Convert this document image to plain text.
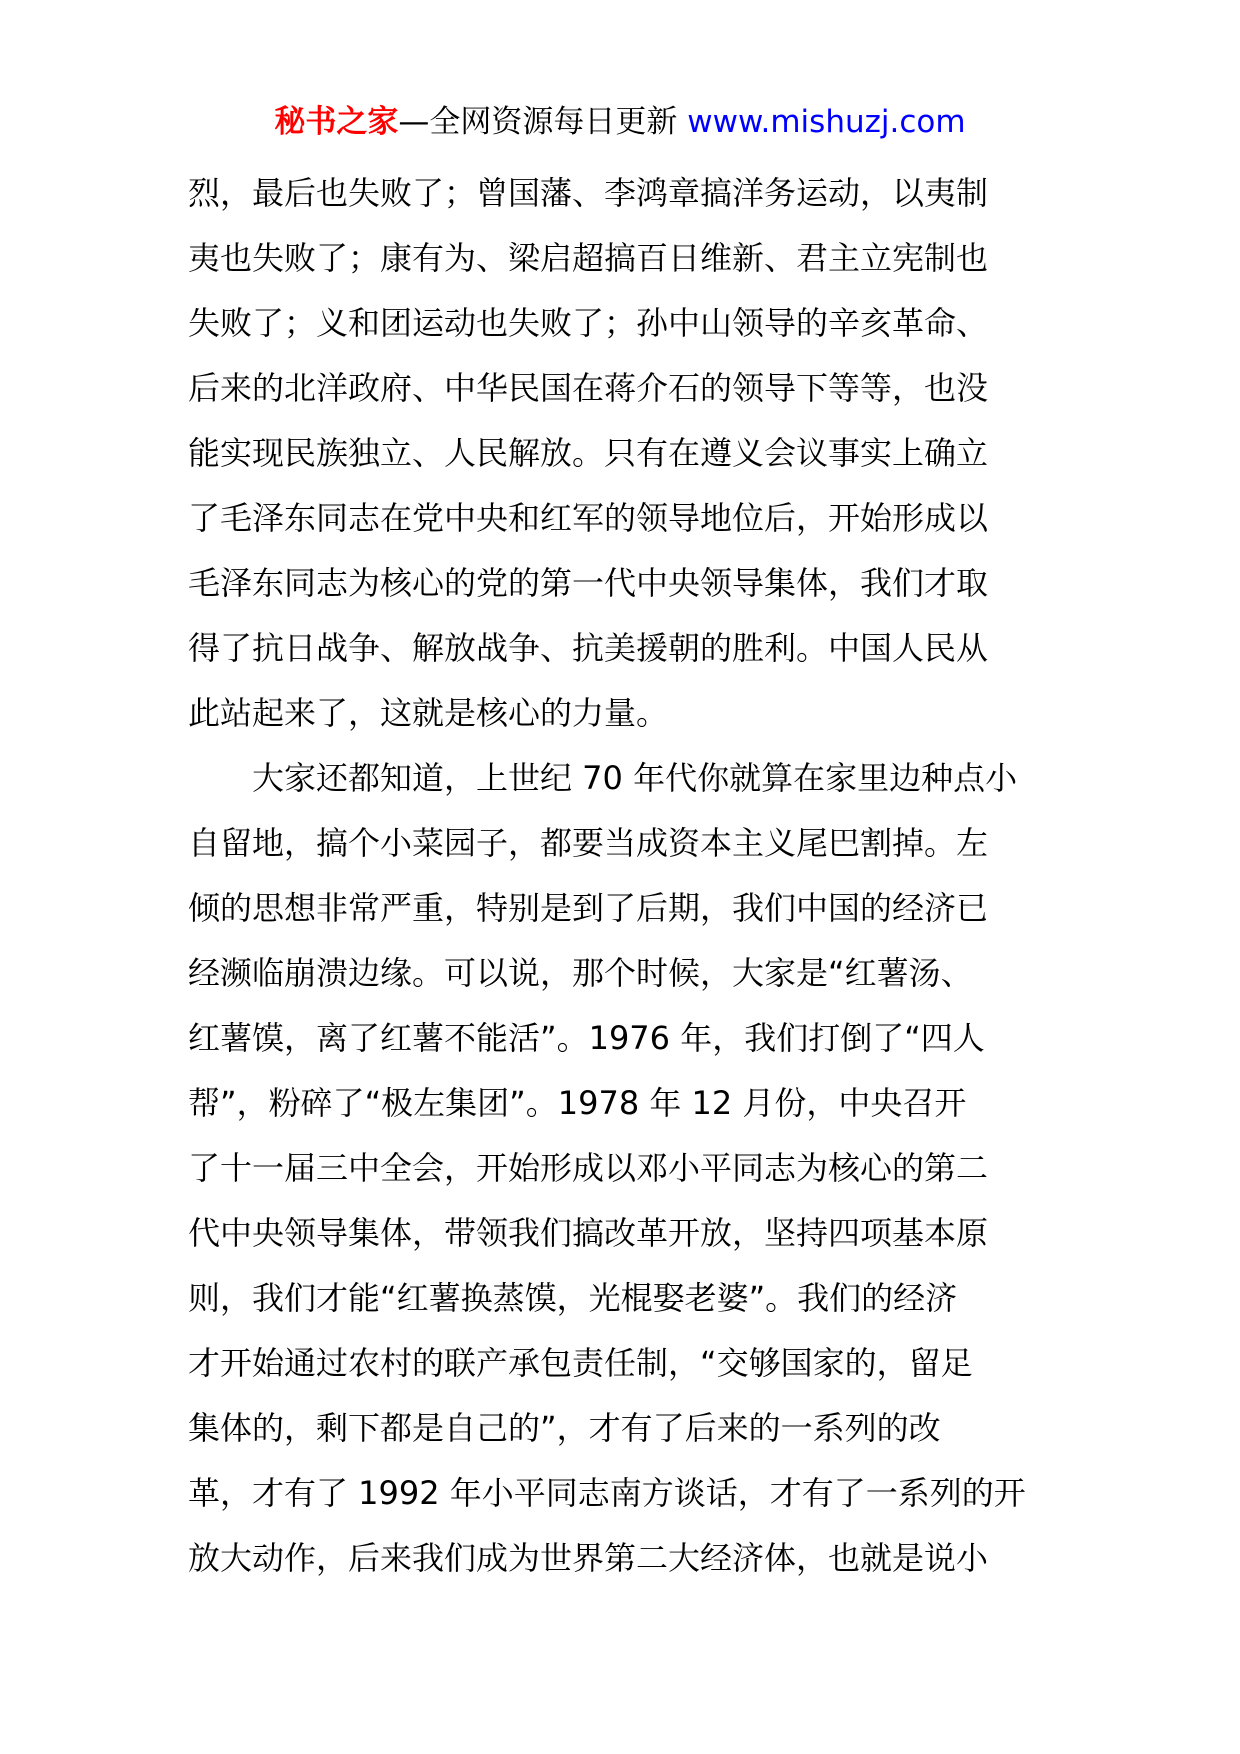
秘书之家—全网资源每日更新 www.mishuzj.com
烈，最后也失败了；曾国藩、李鸿章搞洋务运动，以夷制
夷也失败了；康有为、梁启超搞百日维新、君主立宪制也
失败了；义和团运动也失败了；孙中山领导的辛亥革命、
后来的北洋政府、中华民国在蒋介石的领导下等等，也没
能实现民族独立、人民解放。只有在遵义会议事实上确立
了毛泽东同志在党中央和红军的领导地位后，开始形成以
毛泽东同志为核心的党的第一代中央领导集体，我们才取
得了抗日战争、解放战争、抗美援朝的胜利。中国人民从
此站起来了，这就是核心的力量。
大家还都知道，上世纪 70 年代你就算在家里边种点小
自留地，搞个小菜园子，都要当成资本主义尾巴割掉。左
倾的思想非常严重，特别是到了后期，我们中国的经济已
经濒临崩溃边缘。可以说，那个时候，大家是“红薯汤、
红薯馍，离了红薯不能活”。1976 年，我们打倒了“四人
帮”，粉碎了“极左集团”。1978 年 12 月份，中央召开
了十一届三中全会，开始形成以邓小平同志为核心的第二
代中央领导集体，带领我们搞改革开放，坚持四项基本原
则，我们才能“红薯换蒸馍，光棍娶老婆”。我们的经济
才开始通过农村的联产承包责任制，“交够国家的，留足
集体的，剩下都是自己的”，才有了后来的一系列的改
革，才有了 1992 年小平同志南方谈话，才有了一系列的开
放大动作，后来我们成为世界第二大经济体，也就是说小
